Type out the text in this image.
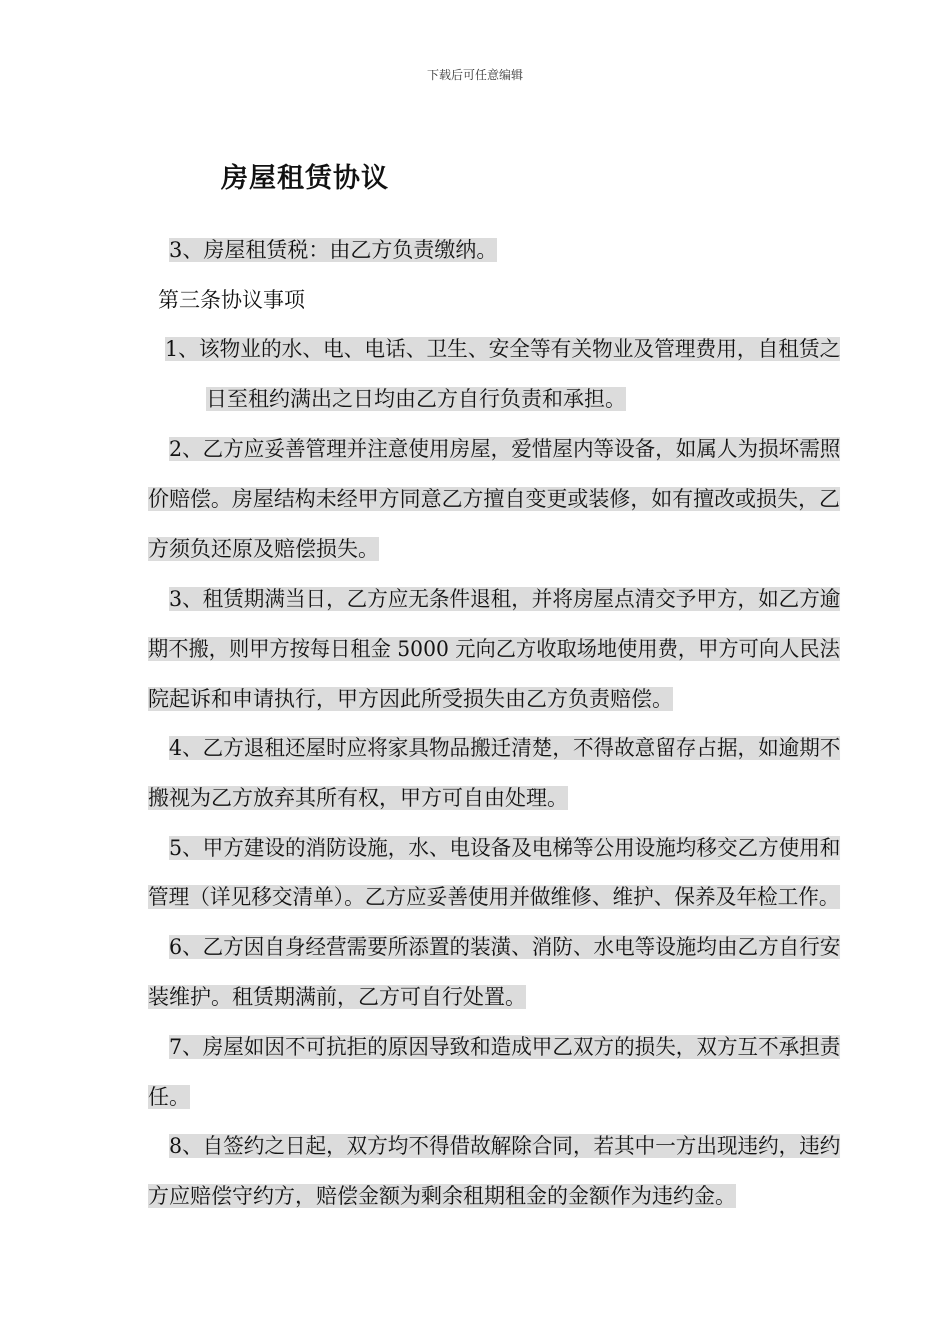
下载后可任意编辑
房屋租赁协议
3、房屋租赁税：由乙方负责缴纳。
第三条协议事项
1、该物业的水、电、电话、卫生、安全等有关物业及管理费用，自租赁之
日至租约满出之日均由乙方自行负责和承担。
2、乙方应妥善管理并注意使用房屋，爱惜屋内等设备，如属人为损坏需照
价赔偿。房屋结构未经甲方同意乙方擅自变更或装修，如有擅改或损失，乙
方须负还原及赔偿损失。
3、租赁期满当日，乙方应无条件退租，并将房屋点清交予甲方，如乙方逾
期不搬，则甲方按每日租金 5000 元向乙方收取场地使用费，甲方可向人民法
院起诉和申请执行，甲方因此所受损失由乙方负责赔偿。
4、乙方退租还屋时应将家具物品搬迁清楚，不得故意留存占据，如逾期不
搬视为乙方放弃其所有权，甲方可自由处理。
5、甲方建设的消防设施，水、电设备及电梯等公用设施均移交乙方使用和
管理（详见移交清单）。乙方应妥善使用并做维修、维护、保养及年检工作。
6、乙方因自身经营需要所添置的装潢、消防、水电等设施均由乙方自行安
装维护。租赁期满前，乙方可自行处置。
7、房屋如因不可抗拒的原因导致和造成甲乙双方的损失，双方互不承担责
任。
8、自签约之日起，双方均不得借故解除合同，若其中一方出现违约，违约
方应赔偿守约方，赔偿金额为剩余租期租金的金额作为违约金。
